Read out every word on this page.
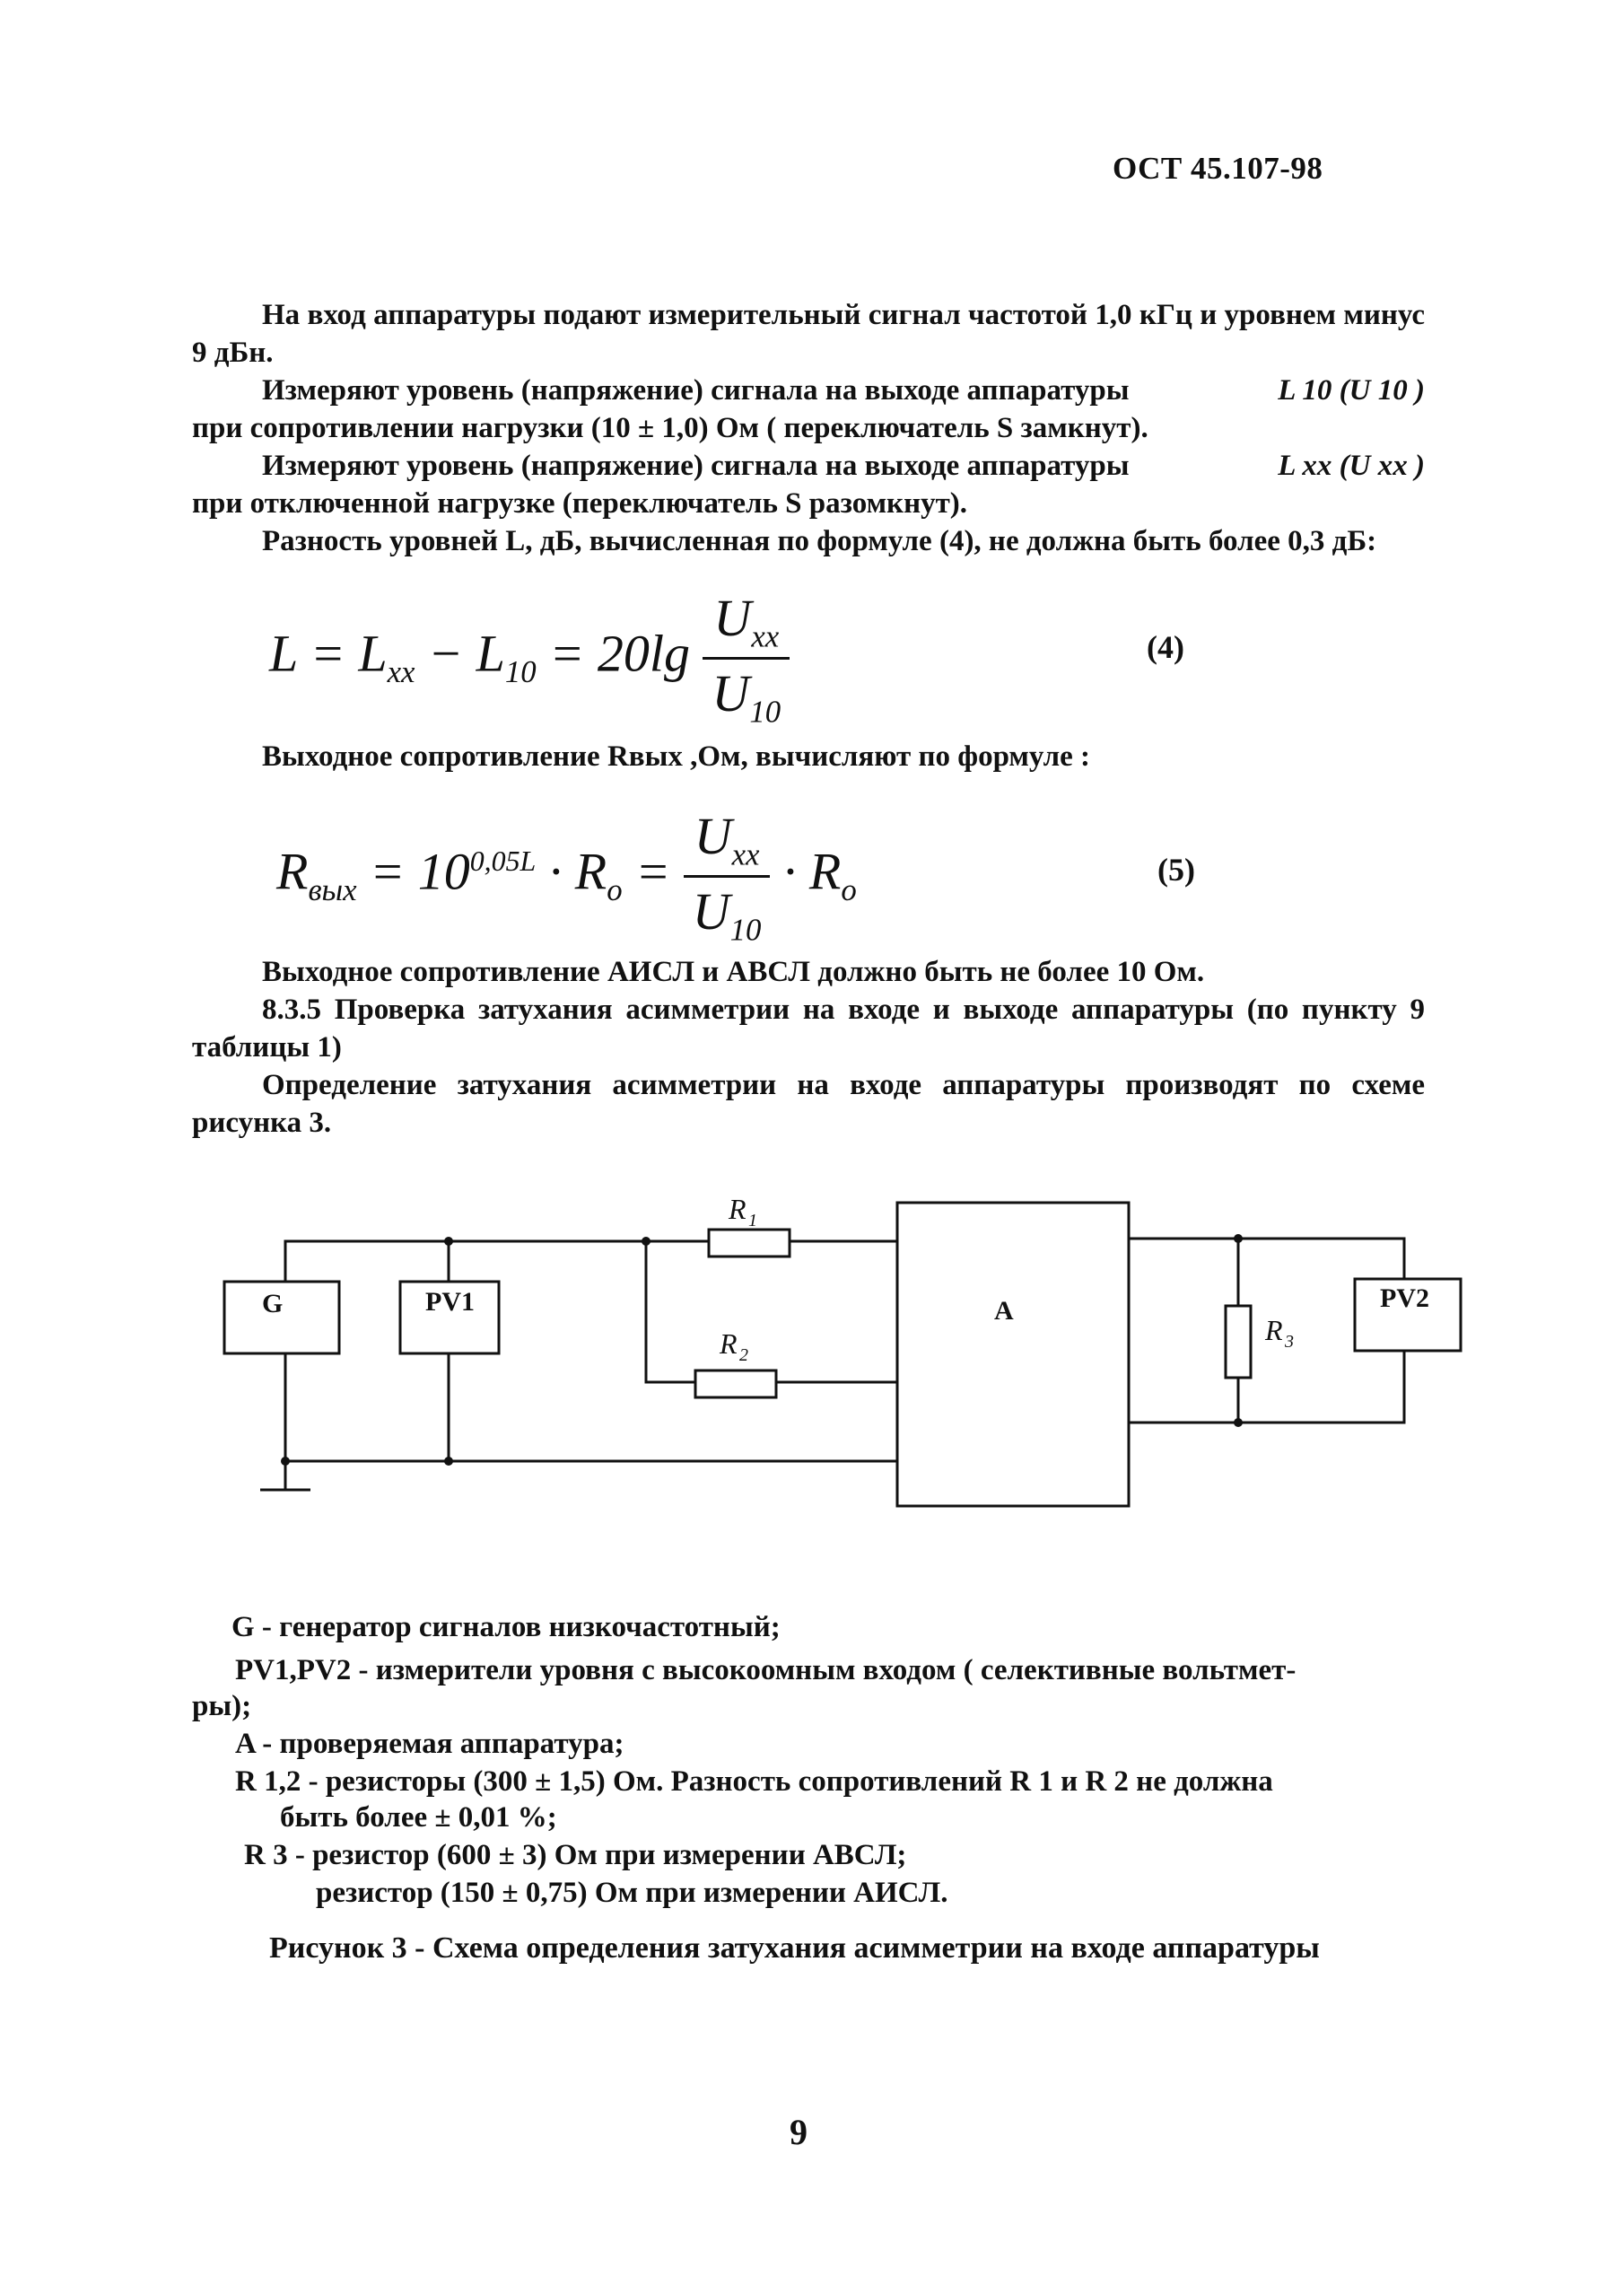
ОСТ 45.107-98
На вход аппаратуры подают измерительный сигнал частотой 1,0 кГц и уровнем минус 9 дБн.
Измеряют уровень (напряжение) сигнала на выходе аппаратуры	L 10 (U 10 )
при сопротивлении нагрузки (10 ± 1,0) Ом ( переключатель S замкнут).
Измеряют уровень (напряжение) сигнала на выходе аппаратуры	L xx (U xx )
при отключенной нагрузке (переключатель S разомкнут).
Разность уровней L, дБ, вычисленная по формуле (4), не должна быть более 0,3 дБ:
$L = L_{хх} - L_{10} = 20\lg \frac{U_{xx}}{U_{10}}$	(4)
Выходное сопротивление Rвых ,Ом, вычисляют по формуле :
$R_{вых} = 10^{0,05L} \cdot R_o = \frac{U_{хх}}{U_{10}} \cdot R_o$
(5)
Выходное сопротивление АИСЛ и АВСЛ должно быть не более 10 Ом.
8.3.5 Проверка затухания асимметрии на входе и выходе аппаратуры (по пункту 9 таблицы 1)
Определение затухания асимметрии на входе аппаратуры производят по схеме рисунка 3.
G	PV1	A	PV2
R 1
R 2
R 3
G - генератор сигналов низкочастотный;
PV1,PV2 - измерители уровня с высокоомным входом ( селективные вольтмет-
ры);
A - проверяемая аппаратура;
R 1,2 - резисторы (300 ± 1,5) Ом. Разность сопротивлений R 1 и R 2 не должна
быть более ± 0,01 %;
R 3 - резистор (600 ± 3) Ом при измерении АВСЛ;
резистор (150 ± 0,75) Ом при измерении АИСЛ.
Рисунок 3 - Схема определения затухания асимметрии на входе аппаратуры
9
